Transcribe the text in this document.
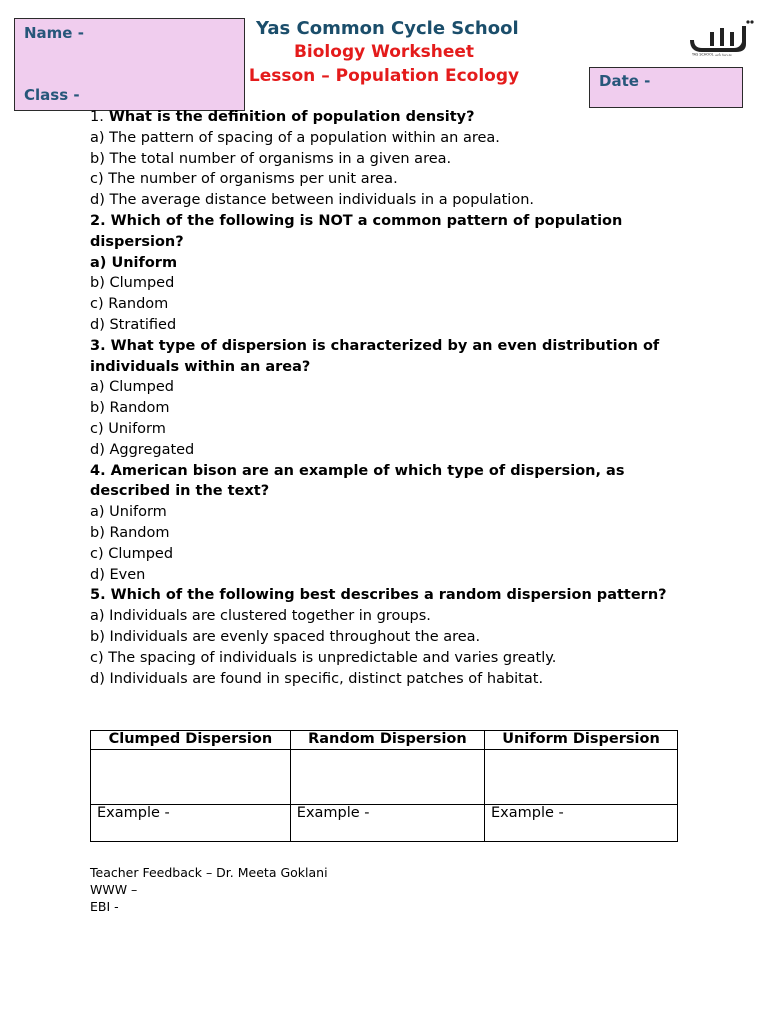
Name -
Class -
Date -
Yas Common Cycle School
Biology Worksheet
Lesson – Population Ecology
YAS SCHOOL مدرسة ياس
1. What is the definition of population density?
a) The pattern of spacing of a population within an area.
b) The total number of organisms in a given area.
c) The number of organisms per unit area.
d) The average distance between individuals in a population.
2. Which of the following is NOT a common pattern of population dispersion?
a) Uniform
b) Clumped
c) Random
d) Stratified
3. What type of dispersion is characterized by an even distribution of individuals within an area?
a) Clumped
b) Random
c) Uniform
d) Aggregated
4. American bison are an example of which type of dispersion, as described in the text?
a) Uniform
b) Random
c) Clumped
d) Even
5. Which of the following best describes a random dispersion pattern?
a) Individuals are clustered together in groups.
b) Individuals are evenly spaced throughout the area.
c) The spacing of individuals is unpredictable and varies greatly.
d) Individuals are found in specific, distinct patches of habitat.
Clumped Dispersion	Random Dispersion	Uniform Dispersion

Example -	Example -	Example -
Teacher Feedback – Dr. Meeta Goklani
WWW –
EBI -
